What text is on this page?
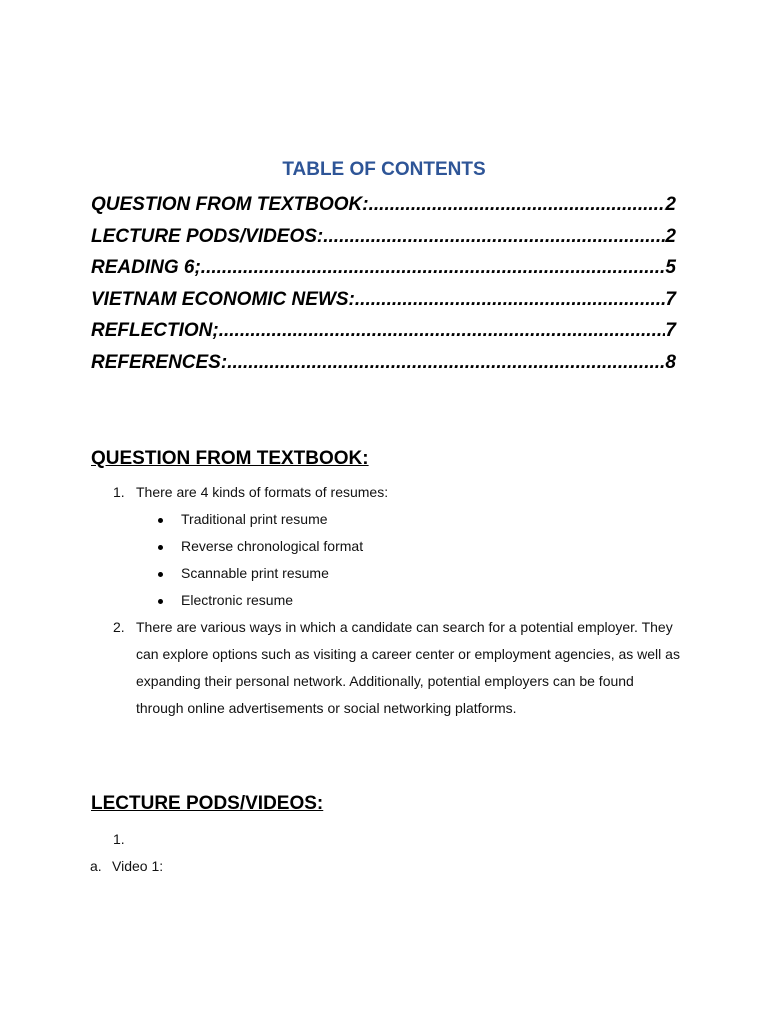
TABLE OF CONTENTS
QUESTION FROM TEXTBOOK: .....	2
LECTURE PODS/VIDEOS: .....	2
READING 6; .....	5
VIETNAM ECONOMIC NEWS: .....	7
REFLECTION; .....	7
REFERENCES: .....	8
QUESTION FROM TEXTBOOK:
1. There are 4 kinds of formats of resumes:
Traditional print resume
Reverse chronological format
Scannable print resume
Electronic resume
2. There are various ways in which a candidate can search for a potential employer. They can explore options such as visiting a career center or employment agencies, as well as expanding their personal network. Additionally, potential employers can be found through online advertisements or social networking platforms.
LECTURE PODS/VIDEOS:
1.
a. Video 1:
